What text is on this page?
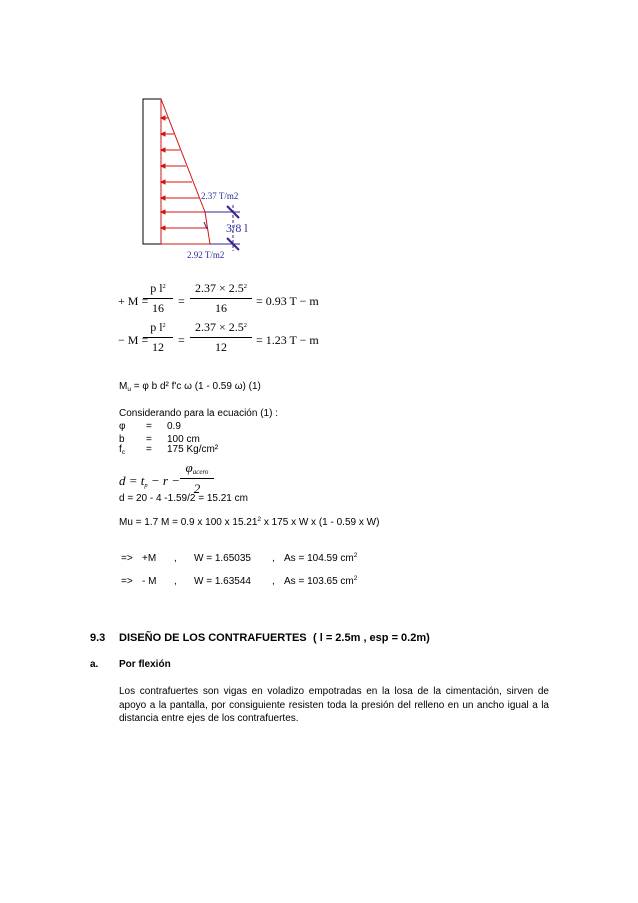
2.37 T/m2
3/8 l
2.92 T/m2
+ M =
p $l^2$
16	=
$2.37 \times 2.5^2$
16	= 0.93 T − m
− M =
p $l^2$
12	=
$2.37 \times 2.5^2$
12	= 1.23 T − m
$M_u = \varphi$ b d² f'c ω (1 - 0.59 ω) (1)
Considerando para la ecuación (1) :
φ = 0.9
b = 100 cm
$f_c = 175$ Kg/cm²
$d = t_p - r$ −
$\varphi_{acero}$
2
d = 20 - 4 -1.59/2 = 15.21 cm
Mu = 1.7 M = 0.9 x 100 x 15.21$^2$ x 175 x W x (1 - 0.59 x W)
=> +M , W = 1.65035 , As = 104.59 $cm^2$
=> - M , W = 1.63544 , As = 103.65 $cm^2$
9.3 DISEÑO DE LOS CONTRAFUERTES ( l = 2.5m , esp = 0.2m)
a. Por flexión
Los contrafuertes son vigas en voladizo empotradas en la losa de la cimentación, sirven de apoyo a la pantalla, por consiguiente resisten toda la presión del relleno en un ancho igual a la distancia entre ejes de los contrafuertes.
